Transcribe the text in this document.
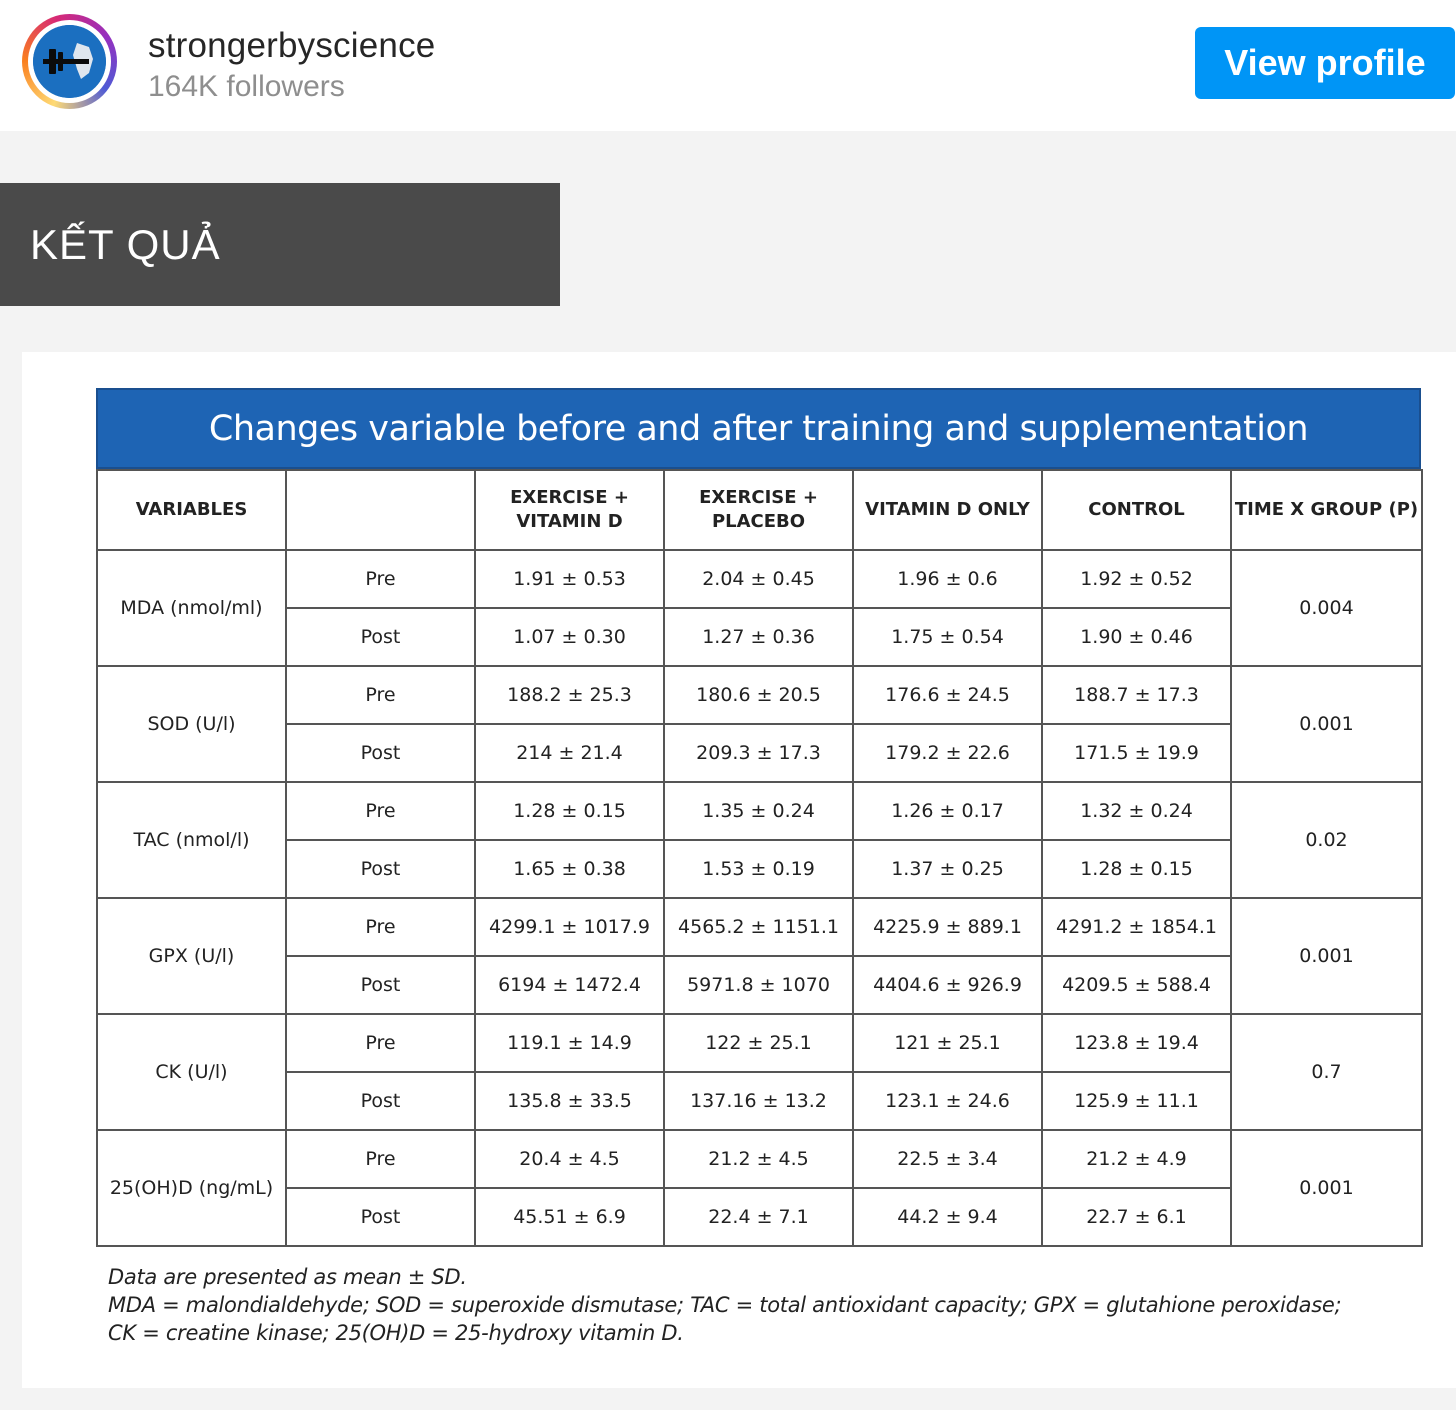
strongerbyscience
164K followers
View profile
KẾT QUẢ
Changes variable before and after training and supplementation
VARIABLES		EXERCISE + VITAMIN D	EXERCISE + PLACEBO	VITAMIN D ONLY	CONTROL	TIME X GROUP (P)
MDA (nmol/ml)	Pre	1.91 ± 0.53	2.04 ± 0.45	1.96 ± 0.6	1.92 ± 0.52	0.004
	Post	1.07 ± 0.30	1.27 ± 0.36	1.75 ± 0.54	1.90 ± 0.46	
SOD (U/l)	Pre	188.2 ± 25.3	180.6 ± 20.5	176.6 ± 24.5	188.7 ± 17.3	0.001
	Post	214 ± 21.4	209.3 ± 17.3	179.2 ± 22.6	171.5 ± 19.9	
TAC (nmol/l)	Pre	1.28 ± 0.15	1.35 ± 0.24	1.26 ± 0.17	1.32 ± 0.24	0.02
	Post	1.65 ± 0.38	1.53 ± 0.19	1.37 ± 0.25	1.28 ± 0.15	
GPX (U/l)	Pre	4299.1 ± 1017.9	4565.2 ± 1151.1	4225.9 ± 889.1	4291.2 ± 1854.1	0.001
	Post	6194 ± 1472.4	5971.8 ± 1070	4404.6 ± 926.9	4209.5 ± 588.4	
CK (U/l)	Pre	119.1 ± 14.9	122 ± 25.1	121 ± 25.1	123.8 ± 19.4	0.7
	Post	135.8 ± 33.5	137.16 ± 13.2	123.1 ± 24.6	125.9 ± 11.1	
25(OH)D (ng/mL)	Pre	20.4 ± 4.5	21.2 ± 4.5	22.5 ± 3.4	21.2 ± 4.9	0.001
	Post	45.51 ± 6.9	22.4 ± 7.1	44.2 ± 9.4	22.7 ± 6.1	
Data are presented as mean ± SD.
MDA = malondialdehyde; SOD = superoxide dismutase; TAC = total antioxidant capacity; GPX = glutahione peroxidase;
CK = creatine kinase; 25(OH)D = 25-hydroxy vitamin D.
